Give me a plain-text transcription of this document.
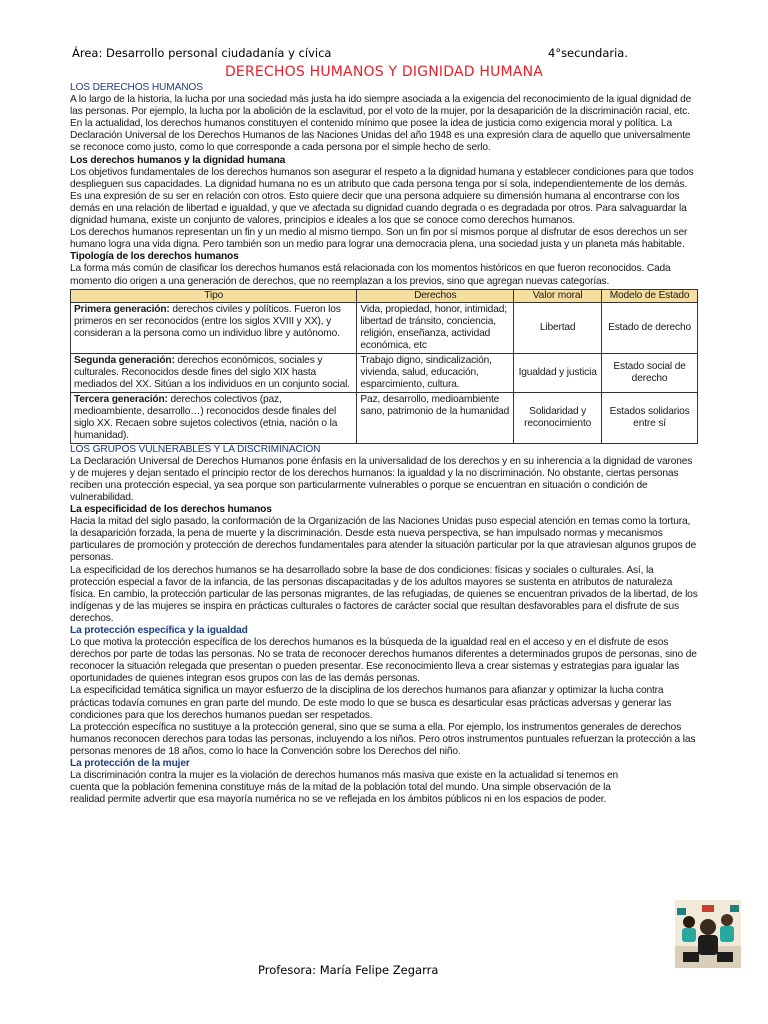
Área: Desarrollo personal ciudadanía y cívica	4°secundaria.
DERECHOS HUMANOS Y DIGNIDAD HUMANA

LOS DERECHOS HUMANOS

A lo largo de la historia, la lucha por una sociedad más justa ha ido siempre asociada a la exigencia del reconocimiento de la igual dignidad de las personas. Por ejemplo, la lucha por la abolición de la esclavitud, por el voto de la mujer, por la desaparición de la discriminación racial, etc. En la actualidad, los derechos humanos constituyen el contenido mínimo que posee la idea de justicia como exigencia moral y política. La Declaración Universal de los Derechos Humanos de las Naciones Unidas del año 1948 es una expresión clara de aquello que universalmente se reconoce como justo, como lo que corresponde a cada persona por el simple hecho de serlo.

Los derechos humanos y la dignidad humana

Los objetivos fundamentales de los derechos humanos son asegurar el respeto a la dignidad humana y establecer condiciones para que todos desplieguen sus capacidades. La dignidad humana no es un atributo que cada persona tenga por sí sola, independientemente de los demás.

Es una expresión de su ser en relación con otros. Esto quiere decir que una persona adquiere su dimensión humana al encontrarse con los demás en una relación de libertad e igualdad, y que ve afectada su dignidad cuando degrada o es degradada por otros. Para salvaguardar la dignidad humana, existe un conjunto de valores, principios e ideales a los que se conoce como derechos humanos.

Los derechos humanos representan un fin y un medio al mismo tiempo. Son un fin por sí mismos porque al disfrutar de esos derechos un ser humano logra una vida digna. Pero también son un medio para lograr una democracia plena, una sociedad justa y un planeta más habitable.

Tipología de los derechos humanos

La forma más común de clasificar los derechos humanos está relacionada con los momentos históricos en que fueron reconocidos. Cada momento dio origen a una generación de derechos, que no reemplazan a los previos, sino que agregan nuevas categorías.

Tipo	Derechos	Valor moral	Modelo de Estado
Primera generación: derechos civiles y políticos. Fueron los primeros en ser reconocidos (entre los siglos XVIII y XX), y consideran a la persona como un individuo libre y autónomo.	Vida, propiedad, honor, intimidad; libertad de tránsito, conciencia, religión, enseñanza, actividad económica, etc	Libertad	Estado de derecho
Segunda generación: derechos económicos, sociales y culturales. Reconocidos desde fines del siglo XIX hasta mediados del XX. Sitúan a los individuos en un conjunto social.	Trabajo digno, sindicalización, vivienda, salud, educación, esparcimiento, cultura.	Igualdad y justicia	Estado social de derecho
Tercera generación: derechos colectivos (paz, medioambiente, desarrollo…) reconocidos desde finales del siglo XX. Recaen sobre sujetos colectivos (etnia, nación o la humanidad).	Paz, desarrollo, medioambiente sano, patrimonio de la humanidad	Solidaridad y reconocimiento	Estados solidarios entre sí

LOS GRUPOS VULNERABLES Y LA DISCRIMINACIÓN

La Declaración Universal de Derechos Humanos pone énfasis en la universalidad de los derechos y en su inherencia a la dignidad de varones y de mujeres y dejan sentado el principio rector de los derechos humanos: la igualdad y la no discriminación. No obstante, ciertas personas reciben una protección especial, ya sea porque son particularmente vulnerables o porque se encuentran en situación o condición de vulnerabilidad.

La especificidad de los derechos humanos

Hacia la mitad del siglo pasado, la conformación de la Organización de las Naciones Unidas puso especial atención en temas como la tortura, la desaparición forzada, la pena de muerte y la discriminación. Desde esta nueva perspectiva, se han impulsado normas y mecanismos particulares de promoción y protección de derechos fundamentales para atender la situación particular por la que atraviesan algunos grupos de personas.

La especificidad de los derechos humanos se ha desarrollado sobre la base de dos condiciones: físicas y sociales o culturales. Así, la protección especial a favor de la infancia, de las personas discapacitadas y de los adultos mayores se sustenta en atributos de naturaleza física. En cambio, la protección particular de las personas migrantes, de las refugiadas, de quienes se encuentran privados de la libertad, de los indígenas y de las mujeres se inspira en prácticas culturales o factores de carácter social que resultan desfavorables para el disfrute de sus derechos.

La protección específica y la igualdad

Lo que motiva la protección específica de los derechos humanos es la búsqueda de la igualdad real en el acceso y en el disfrute de esos derechos por parte de todas las personas. No se trata de reconocer derechos humanos diferentes a determinados grupos de personas, sino de reconocer la situación relegada que presentan o pueden presentar. Ese reconocimiento lleva a crear sistemas y estrategias para igualar las oportunidades de quienes integran esos grupos con las de las demás personas.

La especificidad temática significa un mayor esfuerzo de la disciplina de los derechos humanos para afianzar y optimizar la lucha contra prácticas todavía comunes en gran parte del mundo. De este modo lo que se busca es desarticular esas prácticas adversas y generar las condiciones para que los derechos humanos puedan ser respetados.

La protección específica no sustituye a la protección general, sino que se suma a ella. Por ejemplo, los instrumentos generales de derechos humanos reconocen derechos para todas las personas, incluyendo a los niños. Pero otros instrumentos puntuales refuerzan la protección a las personas menores de 18 años, como lo hace la Convención sobre los Derechos del niño.

La protección de la mujer

La discriminación contra la mujer es la violación de derechos humanos más masiva que existe en la actualidad si tenemos en cuenta que la población femenina constituye más de la mitad de la población total del mundo. Una simple observación de la realidad permite advertir que esa mayoría numérica no se ve reflejada en los ámbitos públicos ni en los espacios de poder.

Profesora: María Felipe Zegarra
